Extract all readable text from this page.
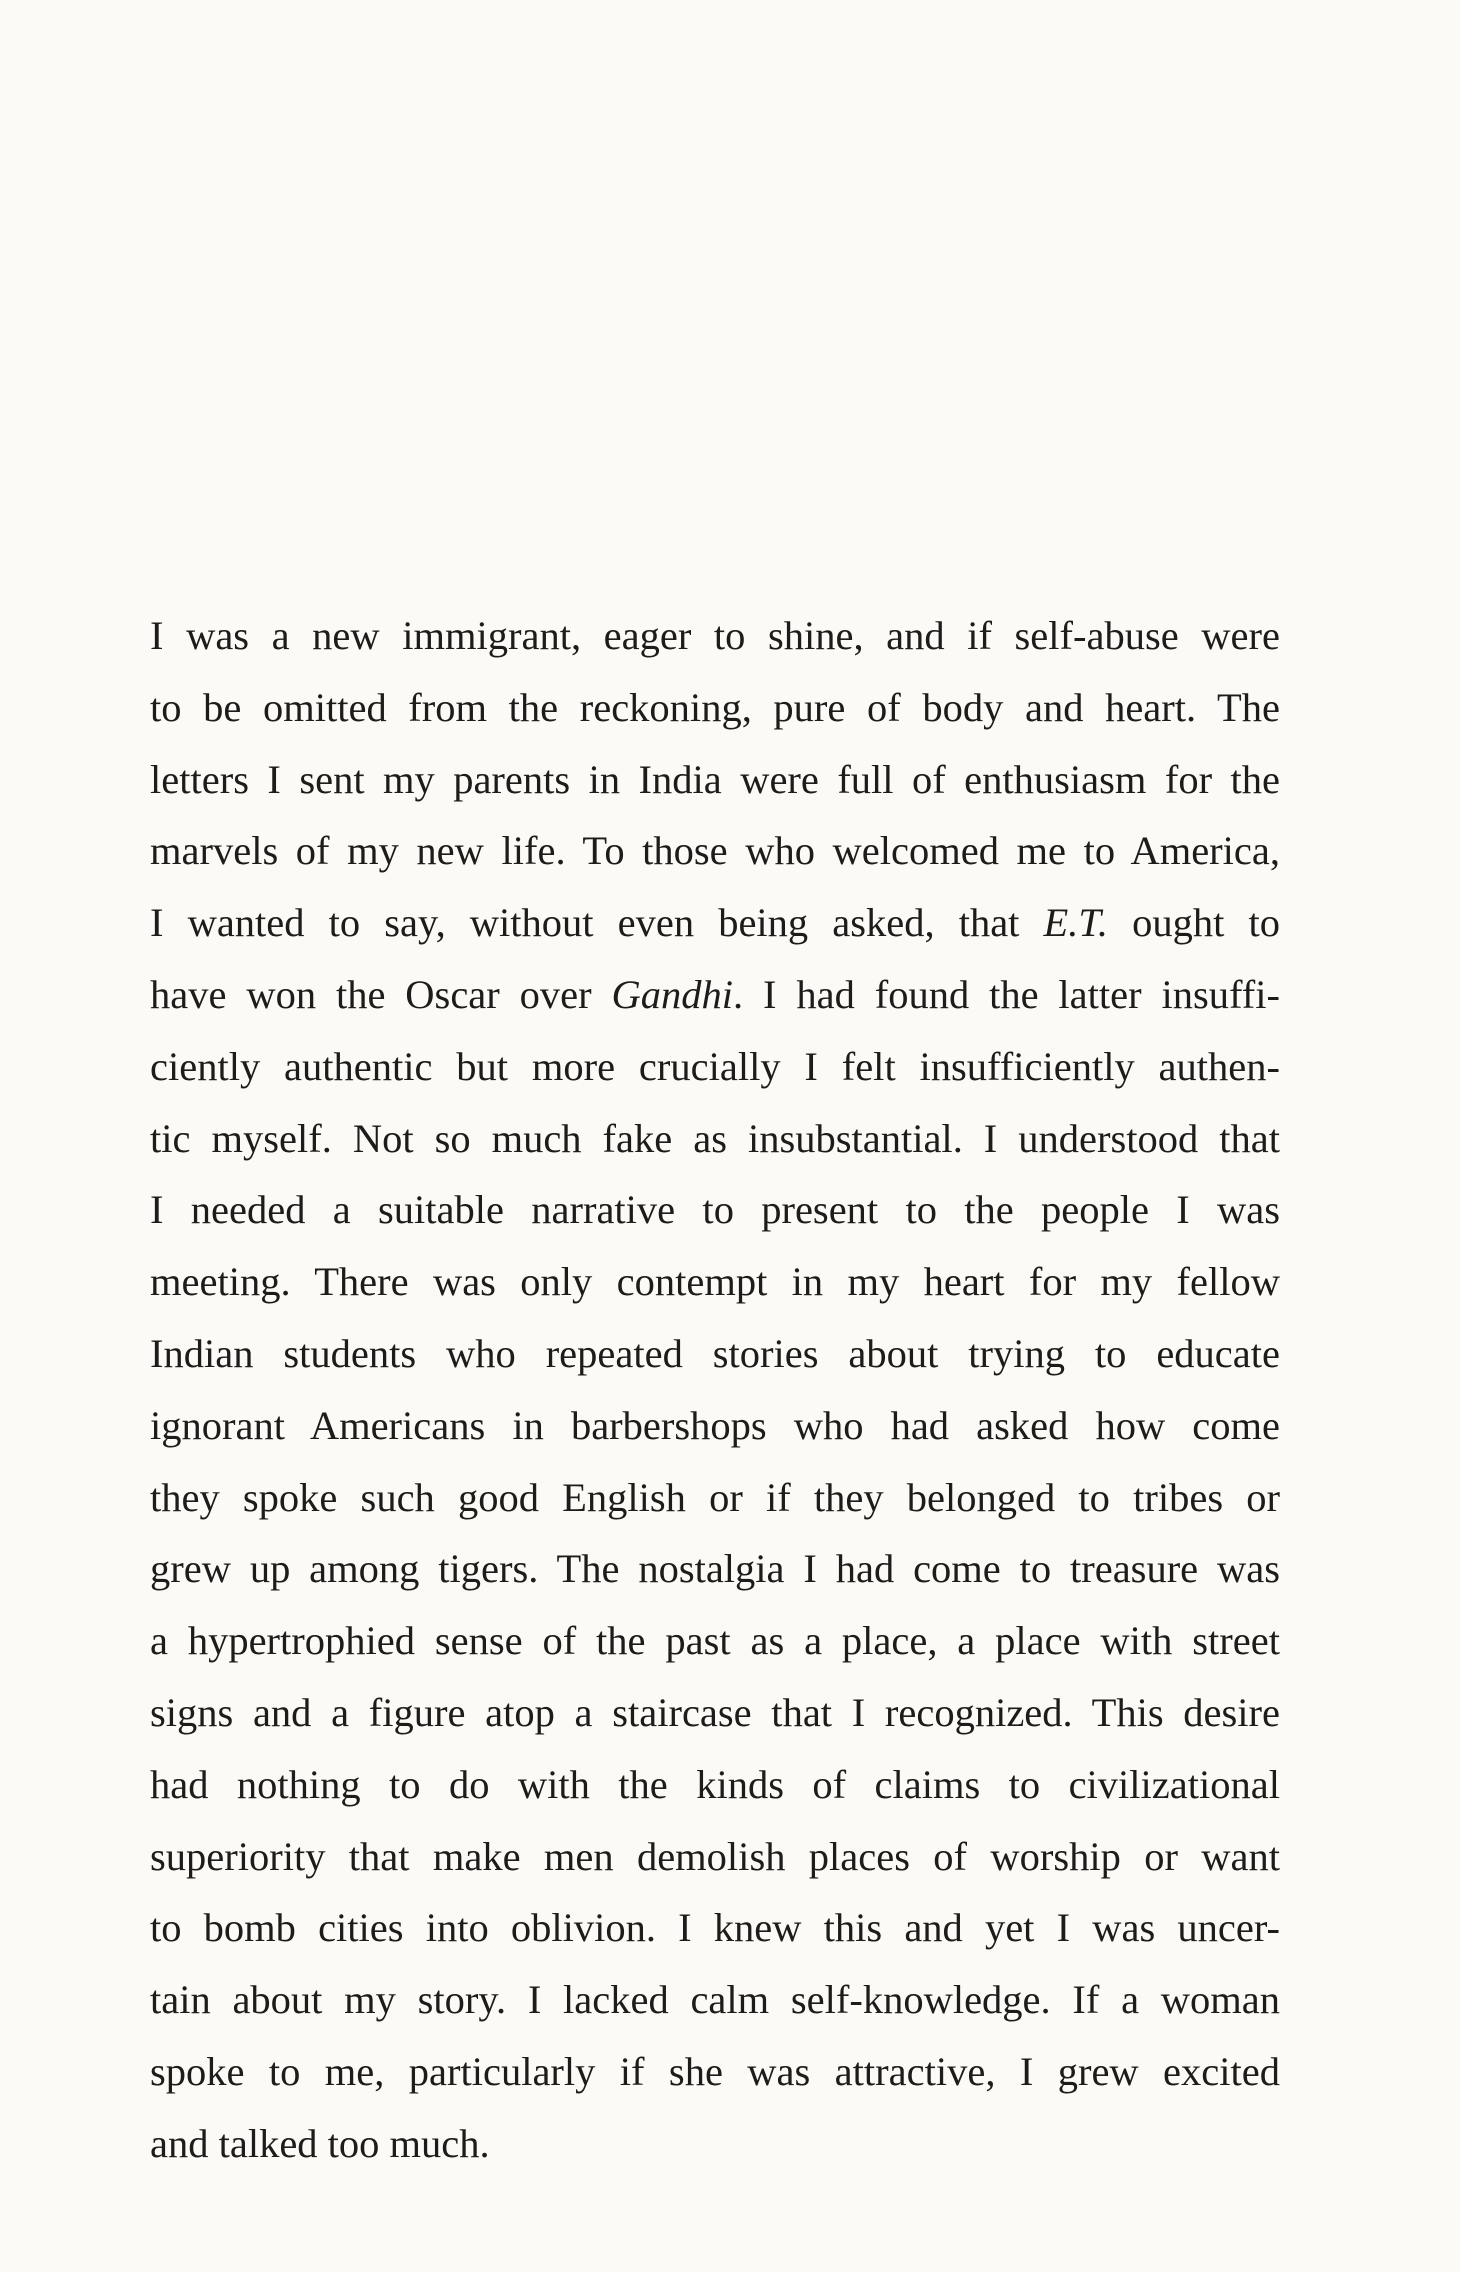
I was a new immigrant, eager to shine, and if self-abuse were
to be omitted from the reckoning, pure of body and heart. The
letters I sent my parents in India were full of enthusiasm for the
marvels of my new life. To those who welcomed me to America,
I wanted to say, without even being asked, that E.T. ought to
have won the Oscar over Gandhi. I had found the latter insuffi-
ciently authentic but more crucially I felt insufficiently authen-
tic myself. Not so much fake as insubstantial. I understood that
I needed a suitable narrative to present to the people I was
meeting. There was only contempt in my heart for my fellow
Indian students who repeated stories about trying to educate
ignorant Americans in barbershops who had asked how come
they spoke such good English or if they belonged to tribes or
grew up among tigers. The nostalgia I had come to treasure was
a hypertrophied sense of the past as a place, a place with street
signs and a figure atop a staircase that I recognized. This desire
had nothing to do with the kinds of claims to civilizational
superiority that make men demolish places of worship or want
to bomb cities into oblivion. I knew this and yet I was uncer-
tain about my story. I lacked calm self-knowledge. If a woman
spoke to me, particularly if she was attractive, I grew excited
and talked too much.
